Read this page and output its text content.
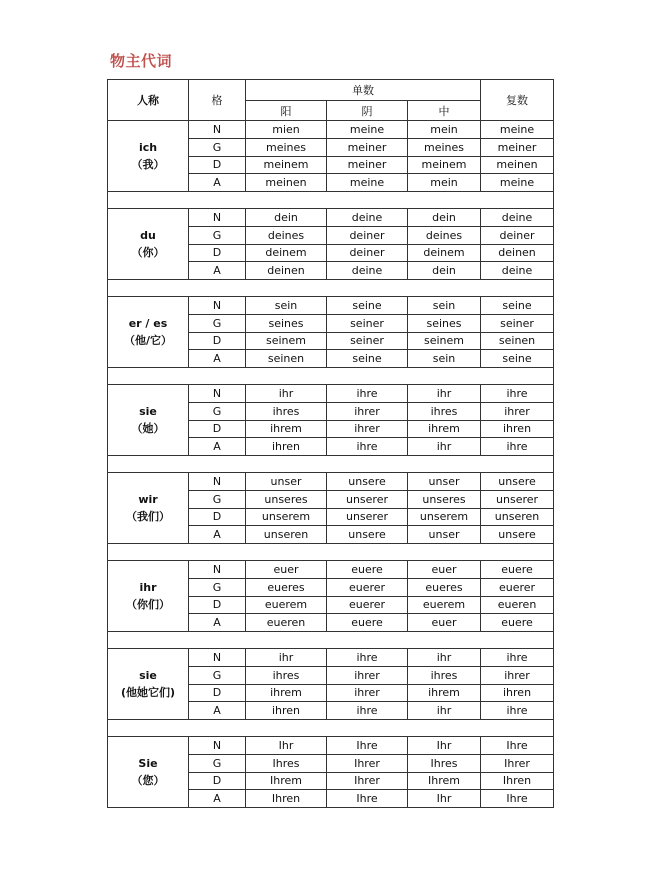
物主代词
人称	格	单数			复数
		阳	阴	中	

ich
（我）	N	mien	meine	mein	meine
	G	meines	meiner	meines	meiner
	D	meinem	meiner	meinem	meinen
	A	meinen	meine	mein	meine

du
（你）	N	dein	deine	dein	deine
	G	deines	deiner	deines	deiner
	D	deinem	deiner	deinem	deinen
	A	deinen	deine	dein	deine

er / es
（他/它）	N	sein	seine	sein	seine
	G	seines	seiner	seines	seiner
	D	seinem	seiner	seinem	seinen
	A	seinen	seine	sein	seine

sie
（她）	N	ihr	ihre	ihr	ihre
	G	ihres	ihrer	ihres	ihrer
	D	ihrem	ihrer	ihrem	ihren
	A	ihren	ihre	ihr	ihre

wir
（我们）	N	unser	unsere	unser	unsere
	G	unseres	unserer	unseres	unserer
	D	unserem	unserer	unserem	unseren
	A	unseren	unsere	unser	unsere

ihr
（你们）	N	euer	euere	euer	euere
	G	eueres	euerer	eueres	euerer
	D	euerem	euerer	euerem	eueren
	A	eueren	euere	euer	euere

sie
(他她它们)	N	ihr	ihre	ihr	ihre
	G	ihres	ihrer	ihres	ihrer
	D	ihrem	ihrer	ihrem	ihren
	A	ihren	ihre	ihr	ihre

Sie
（您）	N	Ihr	Ihre	Ihr	Ihre
	G	Ihres	Ihrer	Ihres	Ihrer
	D	Ihrem	Ihrer	Ihrem	Ihren
	A	Ihren	Ihre	Ihr	Ihre
